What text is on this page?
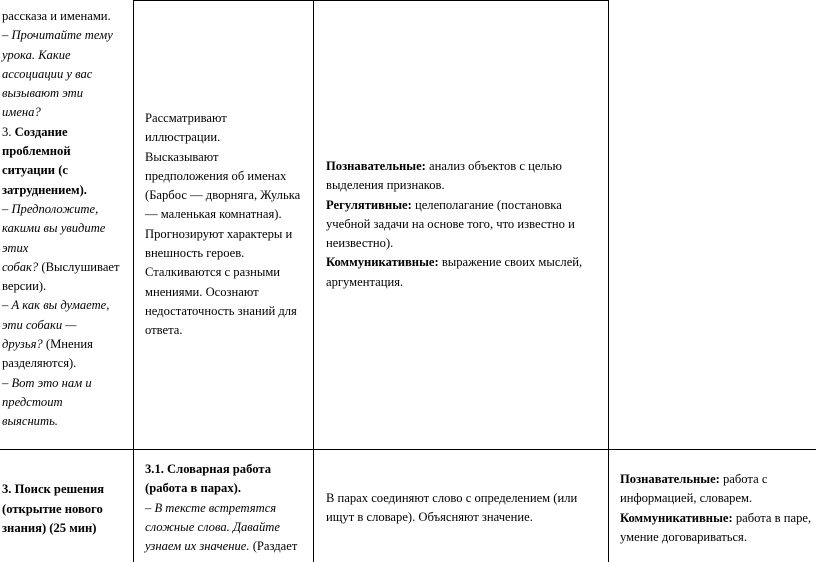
рассказа и именами.

– Прочитайте тему

урока. Какие

ассоциации у вас

вызывают эти

имена?

3. Создание

проблемной

ситуации (с

затруднением).

– Предположите,

какими вы увидите

этих

собак? (Выслушивает

версии).

– А как вы думаете,

эти собаки —

друзья? (Мнения

разделяются).

– Вот это нам и

предстоит

выяснить.

Рассматривают

иллюстрации.

Высказывают

предположения об именах

(Барбос — дворняга, Жулька

— маленькая комнатная).

Прогнозируют характеры и

внешность героев.

Сталкиваются с разными

мнениями. Осознают

недостаточность знаний для

ответа.

Познавательные: анализ объектов с целью

выделения признаков.

Регулятивные: целеполагание (постановка

учебной задачи на основе того, что известно и

неизвестно).

Коммуникативные: выражение своих мыслей,

аргументация.

3. Поиск решения

(открытие нового

знания) (25 мин)

3.1. Словарная работа

(работа в парах).

– В тексте встретятся

сложные слова. Давайте

узнаем их значение. (Раздает

В парах соединяют слово с определением (или

ищут в словаре). Объясняют значение.

Познавательные: работа с

информацией, словарем.

Коммуникативные: работа в паре,

умение договариваться.
